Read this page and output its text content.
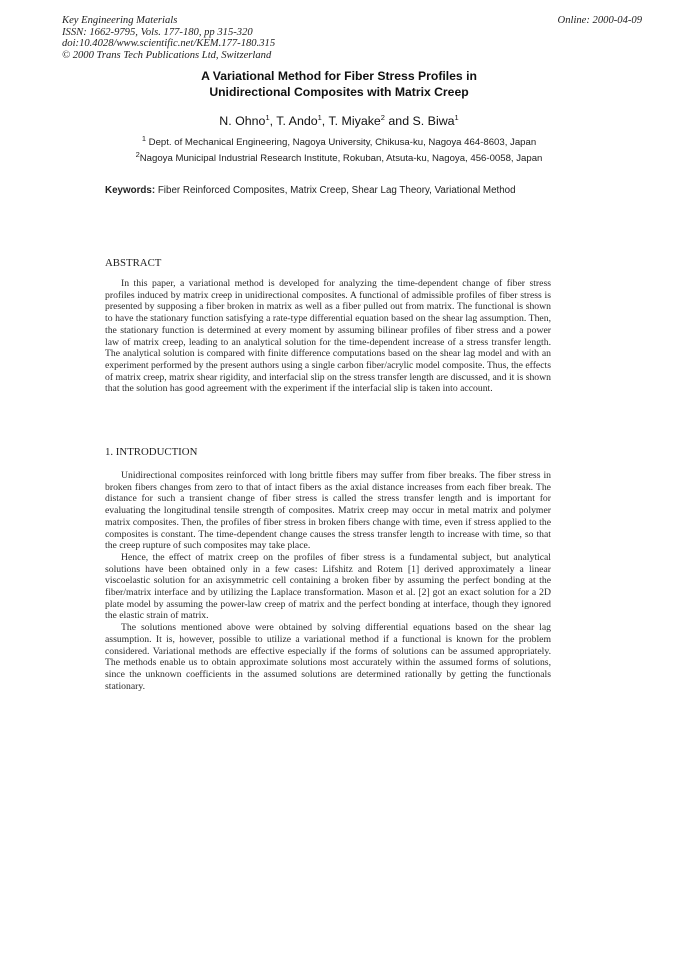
Key Engineering Materials
ISSN: 1662-9795, Vols. 177-180, pp 315-320
doi:10.4028/www.scientific.net/KEM.177-180.315
© 2000 Trans Tech Publications Ltd, Switzerland
Online: 2000-04-09
A Variational Method for Fiber Stress Profiles in
Unidirectional Composites with Matrix Creep
N. Ohno$^1$, T. Ando$^1$, T. Miyake$^2$ and S. Biwa$^1$
$^1$ Dept. of Mechanical Engineering, Nagoya University, Chikusa-ku, Nagoya 464-8603, Japan
$^2$Nagoya Municipal Industrial Research Institute, Rokuban, Atsuta-ku, Nagoya, 456-0058, Japan
Keywords: Fiber Reinforced Composites, Matrix Creep, Shear Lag Theory, Variational Method
ABSTRACT

In this paper, a variational method is developed for analyzing the time-dependent change of fiber stress profiles induced by matrix creep in unidirectional composites. A functional of admissible profiles of fiber stress is presented by supposing a fiber broken in matrix as well as a fiber pulled out from matrix. The functional is shown to have the stationary function satisfying a rate-type differential equation based on the shear lag assumption. Then, the stationary function is determined at every moment by assuming bilinear profiles of fiber stress and a power law of matrix creep, leading to an analytical solution for the time-dependent increase of a stress transfer length. The analytical solution is compared with finite difference computations based on the shear lag model and with an experiment performed by the present authors using a single carbon fiber/acrylic model composite. Thus, the effects of matrix creep, matrix shear rigidity, and interfacial slip on the stress transfer length are discussed, and it is shown that the solution has good agreement with the experiment if the interfacial slip is taken into account.

1. INTRODUCTION

Unidirectional composites reinforced with long brittle fibers may suffer from fiber breaks. The fiber stress in broken fibers changes from zero to that of intact fibers as the axial distance increases from each fiber break. The distance for such a transient change of fiber stress is called the stress transfer length and is important for evaluating the longitudinal tensile strength of composites. Matrix creep may occur in metal matrix and polymer matrix composites. Then, the profiles of fiber stress in broken fibers change with time, even if stress applied to the composites is constant. The time-dependent change causes the stress transfer length to increase with time, so that the creep rupture of such composites may take place.

Hence, the effect of matrix creep on the profiles of fiber stress is a fundamental subject, but analytical solutions have been obtained only in a few cases: Lifshitz and Rotem [1] derived approximately a linear viscoelastic solution for an axisymmetric cell containing a broken fiber by assuming the perfect bonding at the fiber/matrix interface and by utilizing the Laplace transformation. Mason et al. [2] got an exact solution for a 2D plate model by assuming the power-law creep of matrix and the perfect bonding at interface, though they ignored the elastic strain of matrix.

The solutions mentioned above were obtained by solving differential equations based on the shear lag assumption. It is, however, possible to utilize a variational method if a functional is known for the problem considered. Variational methods are effective especially if the forms of solutions can be assumed appropriately. The methods enable us to obtain approximate solutions most accurately within the assumed forms of solutions, since the unknown coefficients in the assumed solutions are determined rationally by getting the functionals stationary.
